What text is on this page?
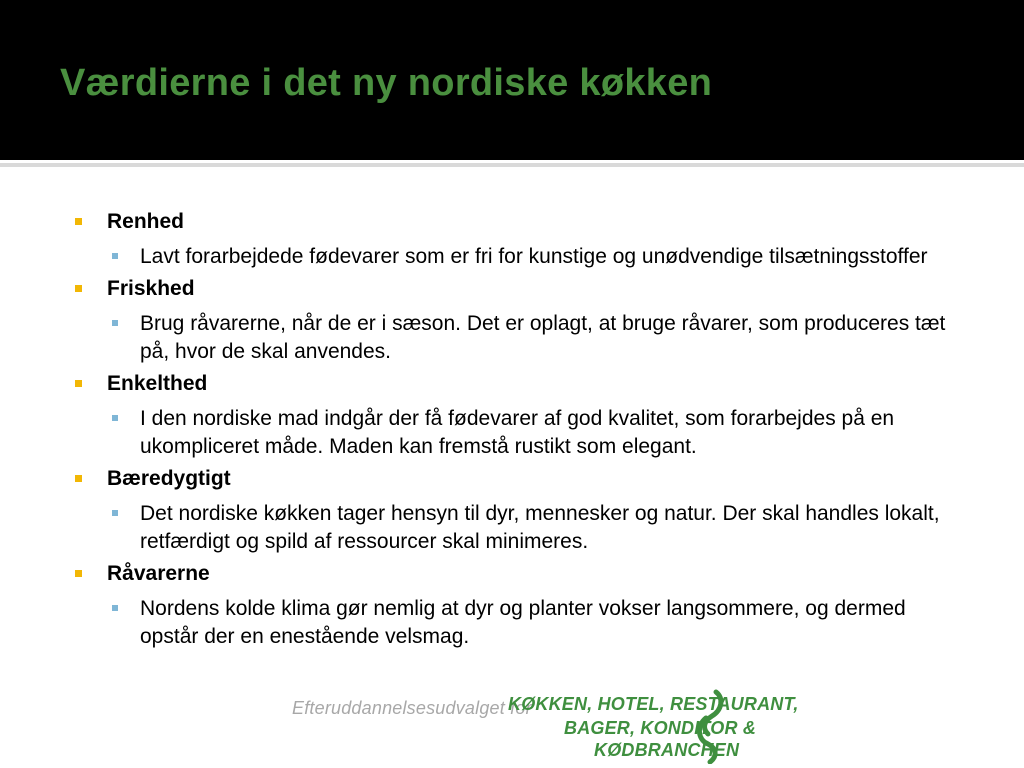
Værdierne i det ny nordiske køkken
Renhed
Lavt forarbejdede fødevarer som er fri for kunstige og unødvendige tilsætningsstoffer
Friskhed
Brug råvarerne, når de er i sæson. Det er oplagt, at bruge råvarer, som produceres tæt på, hvor de skal anvendes.
Enkelthed
I den nordiske mad indgår der få fødevarer af god kvalitet, som forarbejdes på en ukompliceret måde. Maden kan fremstå rustikt som elegant.
Bæredygtigt
Det nordiske køkken tager hensyn til dyr, mennesker og natur. Der skal handles lokalt, retfærdigt og spild af ressourcer skal minimeres.
Råvarerne
Nordens kolde klima gør nemlig at dyr og planter vokser langsommere, og dermed opstår der en enestående velsmag.
Efteruddannelsesudvalget for
KØKKEN, HOTEL, RESTAURANT,
BAGER, KONDITOR &
KØDBRANCHEN
